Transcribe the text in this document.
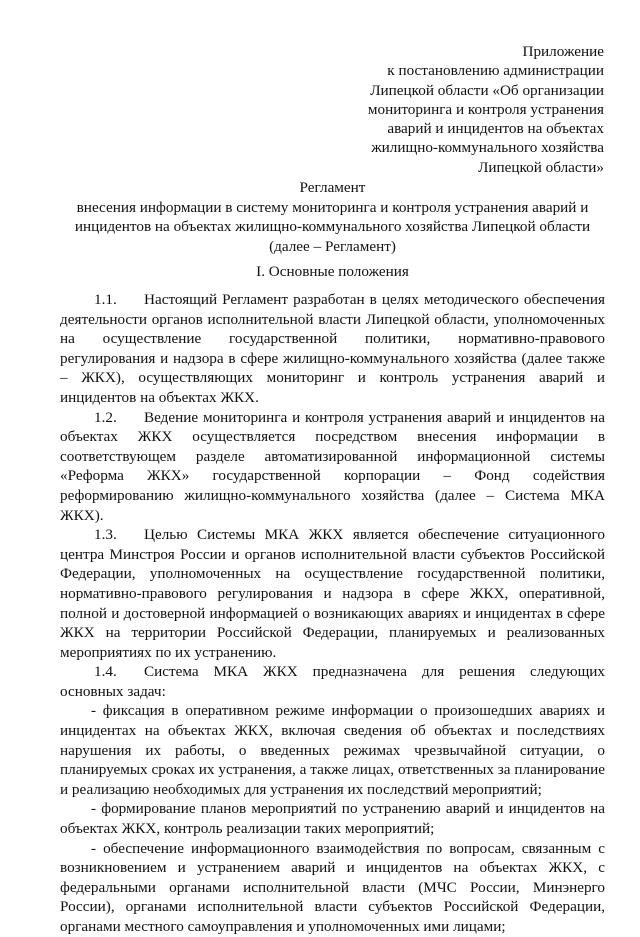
Приложение
к постановлению администрации
Липецкой области «Об организации
мониторинга и контроля устранения
аварий и инцидентов на объектах
жилищно-коммунального хозяйства
Липецкой области»
Регламент
внесения информации в систему мониторинга и контроля устранения аварий и
инцидентов на объектах жилищно-коммунального хозяйства Липецкой области
(далее – Регламент)
I. Основные положения

1.1. Настоящий Регламент разработан в целях методического обеспечения деятельности органов исполнительной власти Липецкой области, уполномоченных на осуществление государственной политики, нормативно-правового регулирования и надзора в сфере жилищно-коммунального хозяйства (далее также – ЖКХ), осуществляющих мониторинг и контроль устранения аварий и инцидентов на объектах ЖКХ.

1.2. Ведение мониторинга и контроля устранения аварий и инцидентов на объектах ЖКХ осуществляется посредством внесения информации в соответствующем разделе автоматизированной информационной системы «Реформа ЖКХ» государственной корпорации – Фонд содействия реформированию жилищно-коммунального хозяйства (далее – Система МКА ЖКХ).

1.3. Целью Системы МКА ЖКХ является обеспечение ситуационного центра Минстроя России и органов исполнительной власти субъектов Российской Федерации, уполномоченных на осуществление государственной политики, нормативно-правового регулирования и надзора в сфере ЖКХ, оперативной, полной и достоверной информацией о возникающих авариях и инцидентах в сфере ЖКХ на территории Российской Федерации, планируемых и реализованных мероприятиях по их устранению.

1.4. Система МКА ЖКХ предназначена для решения следующих основных задач:

- фиксация в оперативном режиме информации о произошедших авариях и инцидентах на объектах ЖКХ, включая сведения об объектах и последствиях нарушения их работы, о введенных режимах чрезвычайной ситуации, о планируемых сроках их устранения, а также лицах, ответственных за планирование и реализацию необходимых для устранения их последствий мероприятий;

- формирование планов мероприятий по устранению аварий и инцидентов на объектах ЖКХ, контроль реализации таких мероприятий;

- обеспечение информационного взаимодействия по вопросам, связанным с возникновением и устранением аварий и инцидентов на объектах ЖКХ, с федеральными органами исполнительной власти (МЧС России, Минэнерго России), органами исполнительной власти субъектов Российской Федерации, органами местного самоуправления и уполномоченных ими лицами;
